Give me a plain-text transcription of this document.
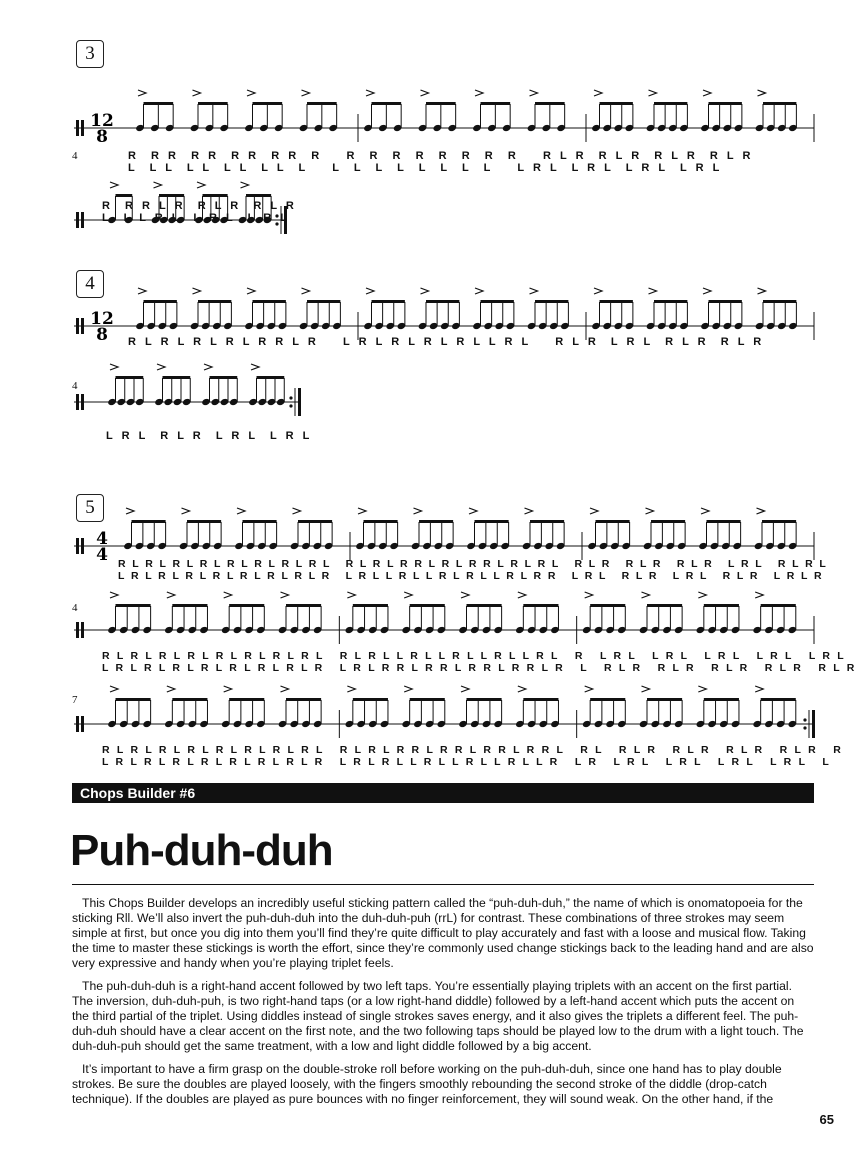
3
12
8
R  R R  R R  R R  R R  R    R  R  R  R  R  R  R  R    R L R  R L R  R L R  R L R
L  L L  L L  L L  L L  L    L  L  L  L  L  L  L  L    L R L  L R L  L R L  L R L
4
R  R R L R  R L R  R L R
L  L L R L  L R L  L R L
4
12
8 R L R L R L R L R R L R    L R L R L R L R L L R L    R L R  L R L  R L R  R L R
4
L R L  R L R  L R L  L R L
5
4
4 R L R L R L R L R L R L R L R L   R L R L R R L R L R R L R L R L   R L R   R L R   R L R   L R L   R L R L
L R L R L R L R L R L R L R L R   L R L L R L L R L R L L R L R R   L R L   R L R   L R L   R L R   L R L R
4
R L R L R L R L R L R L R L R L   R L R L L R L L R L L R L L R L   R   L R L   L R L   L R L   L R L   L R L
L R L R L R L R L R L R L R L R   L R L R R L R R L R R L R R L R   L   R L R   R L R   R L R   R L R   R L R
7
R L R L R L R L R L R L R L R L   R L R L R R L R R L R R L R R L   R L   R L R   R L R   R L R   R L R   R
L R L R L R L R L R L R L R L R   L R L R L L R L L R L L R L L R   L R   L R L   L R L   L R L   L R L   L
Chops Builder #6
Puh-duh-duh

This Chops Builder develops an incredibly useful sticking pattern called the “puh-duh-duh,” the name of which is onomatopoeia for the sticking Rll. We’ll also invert the puh-duh-duh into the duh-duh-puh (rrL) for contrast. These combinations of three strokes may seem simple at first, but once you dig into them you’ll find they’re quite difficult to play accurately and fast with a loose and musical flow. Taking the time to master these stickings is worth the effort, since they’re commonly used change stickings back to the leading hand and are also very expressive and handy when you’re playing triplet feels.

The puh-duh-duh is a right-hand accent followed by two left taps. You’re essentially playing triplets with an accent on the first partial. The inversion, duh-duh-puh, is two right-hand taps (or a low right-hand diddle) followed by a left-hand accent which puts the accent on the third partial of the triplet. Using diddles instead of single strokes saves energy, and it also gives the triplets a different feel. The puh-duh-duh should have a clear accent on the first note, and the two following taps should be played low to the drum with a light touch. The duh-duh-puh should get the same treatment, with a low and light diddle followed by a big accent.

It’s important to have a firm grasp on the double-stroke roll before working on the puh-duh-duh, since one hand has to play double strokes. Be sure the doubles are played loosely, with the fingers smoothly rebounding the second stroke of the diddle (drop-catch technique). If the doubles are played as pure bounces with no finger reinforcement, they will sound weak. On the other hand, if the

65
